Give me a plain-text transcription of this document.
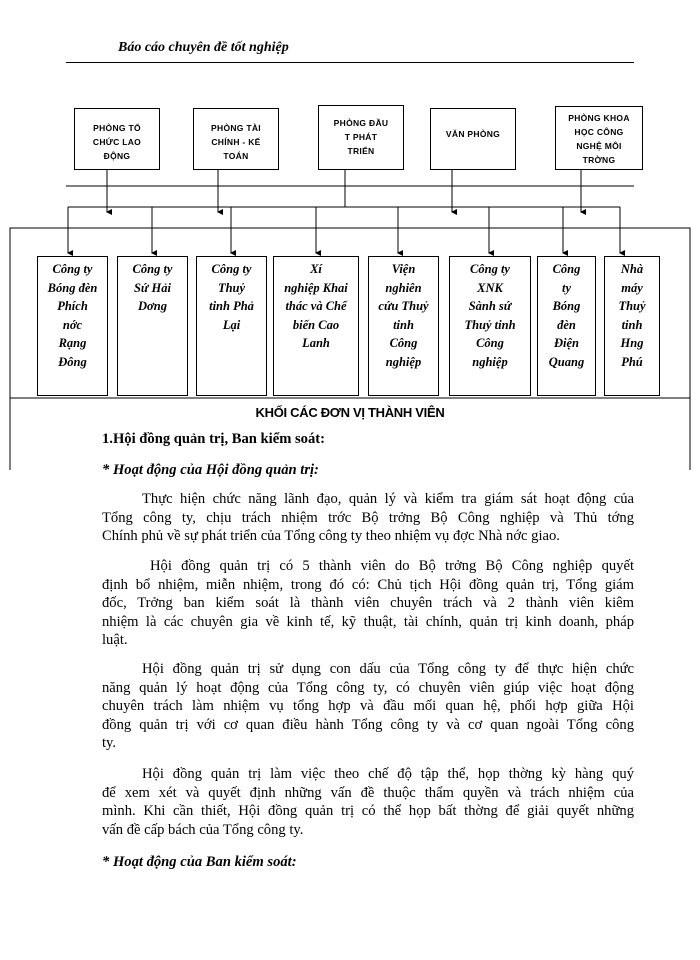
Báo cáo chuyên đề tốt nghiệp
PHÒNG TỔ
CHỨC LAO
ĐỘNG
PHÒNG TÀI
CHÍNH - KẾ
TOÁN
PHÒNG ĐẦU
T PHÁT
TRIỂN
VĂN PHÒNG
PHÒNG KHOA
HỌC CÔNG
NGHỆ MÔI
TRỜNG
Công ty
Bóng đèn
Phích
nớc
Rạng
Đông
Công ty
Sứ Hải
Dơng
Công ty
Thuỷ
tinh Phả
Lại
Xí
nghiệp Khai
thác và Chế
biến Cao
Lanh
Viện
nghiên
cứu Thuỷ
tinh
Công
nghiệp
Công ty
XNK
Sành sứ
Thuỷ tinh
Công
nghiệp
Công
ty
Bóng
đèn
Điện
Quang
Nhà
máy
Thuỷ
tinh
Hng
Phú
KHỐI CÁC ĐƠN VỊ THÀNH VIÊN
1.Hội đồng quản trị, Ban kiểm soát:
* Hoạt động của Hội đồng quản trị:
Thực hiện chức năng lãnh đạo, quản lý và kiểm tra giám sát hoạt động của
Tổng công ty, chịu trách nhiệm trớc Bộ trởng Bộ Công nghiệp và Thủ tớng
Chính phủ về sự phát triển của Tổng công ty theo nhiệm vụ đợc Nhà nớc giao.
Hội đồng quản trị có 5 thành viên do Bộ trởng Bộ Công nghiệp quyết
định bổ nhiệm, miễn nhiệm, trong đó có: Chủ tịch Hội đồng quản trị, Tổng giám
đốc, Trởng ban kiểm soát là thành viên chuyên trách và 2 thành viên kiêm
nhiệm là các chuyên gia về kinh tế, kỹ thuật, tài chính, quản trị kinh doanh, pháp
luật.
Hội đồng quản trị sử dụng con dấu của Tổng công ty để thực hiện chức
năng quản lý hoạt động của Tổng công ty, có chuyên viên giúp việc hoạt động
chuyên trách làm nhiệm vụ tổng hợp và đầu mối quan hệ, phối hợp giữa Hội
đồng quản trị với cơ quan điều hành Tổng công ty và cơ quan ngoài Tổng công
ty.
Hội đồng quản trị làm việc theo chế độ tập thể, họp thờng kỳ hàng quý
để xem xét và quyết định những vấn đề thuộc thẩm quyền và trách nhiệm của
mình. Khi cần thiết, Hội đồng quản trị có thể họp bất thờng để giải quyết những
vấn đề cấp bách của Tổng công ty.
* Hoạt động của Ban kiểm soát:
